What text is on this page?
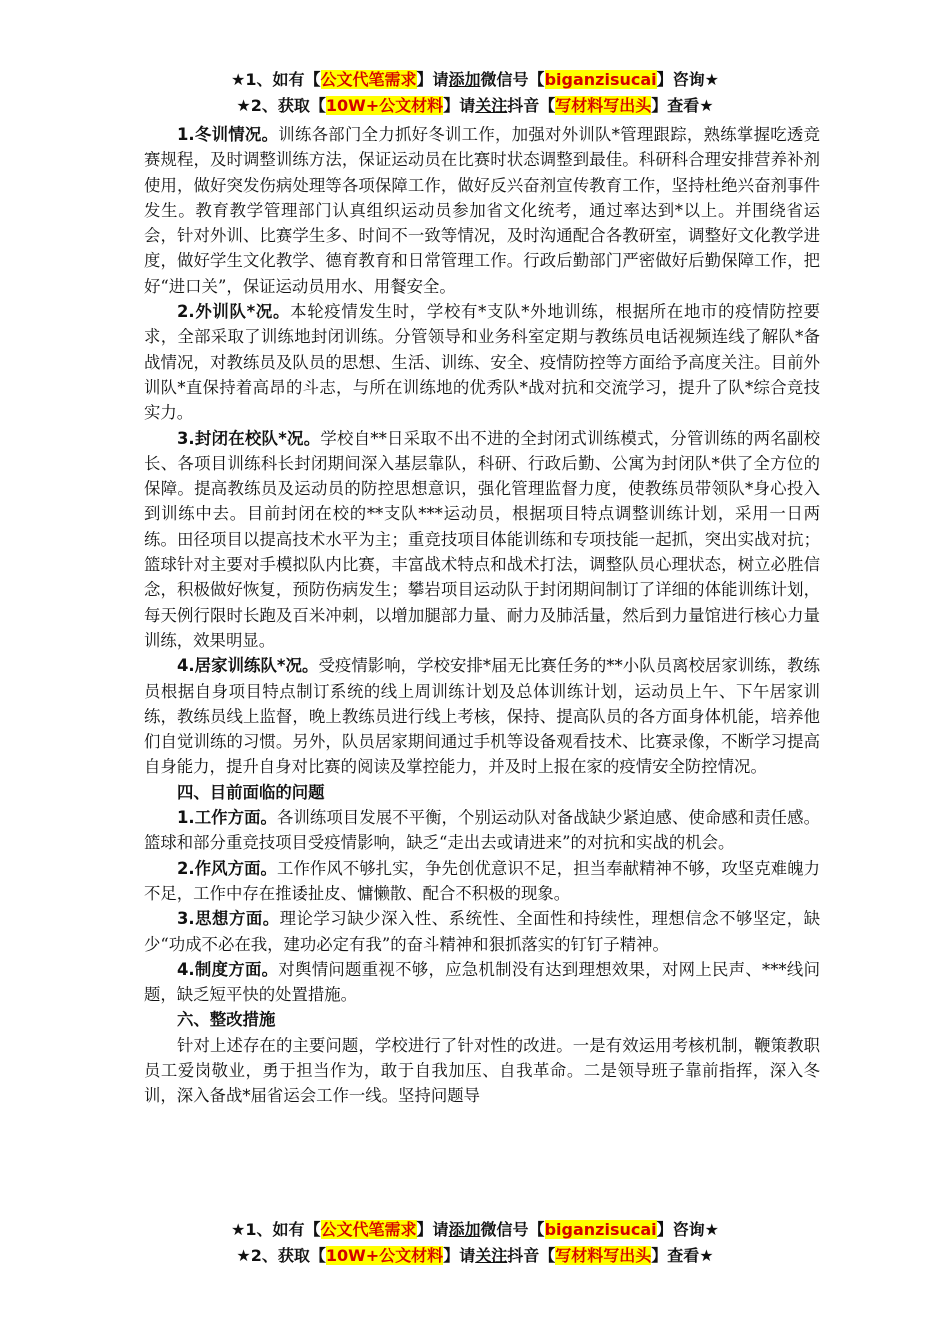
★1、如有【公文代笔需求】请添加微信号【biganzisucai】咨询★
★2、获取【10W+公文材料】请关注抖音【写材料写出头】查看★

1.冬训情况。训练各部门全力抓好冬训工作，加强对外训队*管理跟踪，熟练掌握吃透竞赛规程，及时调整训练方法，保证运动员在比赛时状态调整到最佳。科研科合理安排营养补剂使用，做好突发伤病处理等各项保障工作，做好反兴奋剂宣传教育工作，坚持杜绝兴奋剂事件发生。教育教学管理部门认真组织运动员参加省文化统考，通过率达到*以上。并围绕省运会，针对外训、比赛学生多、时间不一致等情况，及时沟通配合各教研室，调整好文化教学进度，做好学生文化教学、德育教育和日常管理工作。行政后勤部门严密做好后勤保障工作，把好“进口关”，保证运动员用水、用餐安全。

2.外训队*况。本轮疫情发生时，学校有*支队*外地训练，根据所在地市的疫情防控要求，全部采取了训练地封闭训练。分管领导和业务科室定期与教练员电话视频连线了解队*备战情况，对教练员及队员的思想、生活、训练、安全、疫情防控等方面给予高度关注。目前外训队*直保持着高昂的斗志，与所在训练地的优秀队*战对抗和交流学习，提升了队*综合竞技实力。

3.封闭在校队*况。学校自**日采取不出不进的全封闭式训练模式，分管训练的两名副校长、各项目训练科长封闭期间深入基层靠队，科研、行政后勤、公寓为封闭队*供了全方位的保障。提高教练员及运动员的防控思想意识，强化管理监督力度，使教练员带领队*身心投入到训练中去。目前封闭在校的**支队***运动员，根据项目特点调整训练计划，采用一日两练。田径项目以提高技术水平为主；重竞技项目体能训练和专项技能一起抓，突出实战对抗；篮球针对主要对手模拟队内比赛，丰富战术特点和战术打法，调整队员心理状态，树立必胜信念，积极做好恢复，预防伤病发生；攀岩项目运动队于封闭期间制订了详细的体能训练计划，每天例行限时长跑及百米冲刺，以增加腿部力量、耐力及肺活量，然后到力量馆进行核心力量训练，效果明显。

4.居家训练队*况。受疫情影响，学校安排*届无比赛任务的**小队员离校居家训练，教练员根据自身项目特点制订系统的线上周训练计划及总体训练计划，运动员上午、下午居家训练，教练员线上监督，晚上教练员进行线上考核，保持、提高队员的各方面身体机能，培养他们自觉训练的习惯。另外，队员居家期间通过手机等设备观看技术、比赛录像，不断学习提高自身能力，提升自身对比赛的阅读及掌控能力，并及时上报在家的疫情安全防控情况。

四、目前面临的问题

1.工作方面。各训练项目发展不平衡，个别运动队对备战缺少紧迫感、使命感和责任感。篮球和部分重竞技项目受疫情影响，缺乏“走出去或请进来”的对抗和实战的机会。

2.作风方面。工作作风不够扎实，争先创优意识不足，担当奉献精神不够，攻坚克难魄力不足，工作中存在推诿扯皮、慵懒散、配合不积极的现象。

3.思想方面。理论学习缺少深入性、系统性、全面性和持续性，理想信念不够坚定，缺少“功成不必在我，建功必定有我”的奋斗精神和狠抓落实的钉钉子精神。

4.制度方面。对舆情问题重视不够，应急机制没有达到理想效果，对网上民声、***线问题，缺乏短平快的处置措施。

六、整改措施

针对上述存在的主要问题，学校进行了针对性的改进。一是有效运用考核机制，鞭策教职员工爱岗敬业，勇于担当作为，敢于自我加压、自我革命。二是领导班子靠前指挥，深入冬训，深入备战*届省运会工作一线。坚持问题导

★1、如有【公文代笔需求】请添加微信号【biganzisucai】咨询★
★2、获取【10W+公文材料】请关注抖音【写材料写出头】查看★
